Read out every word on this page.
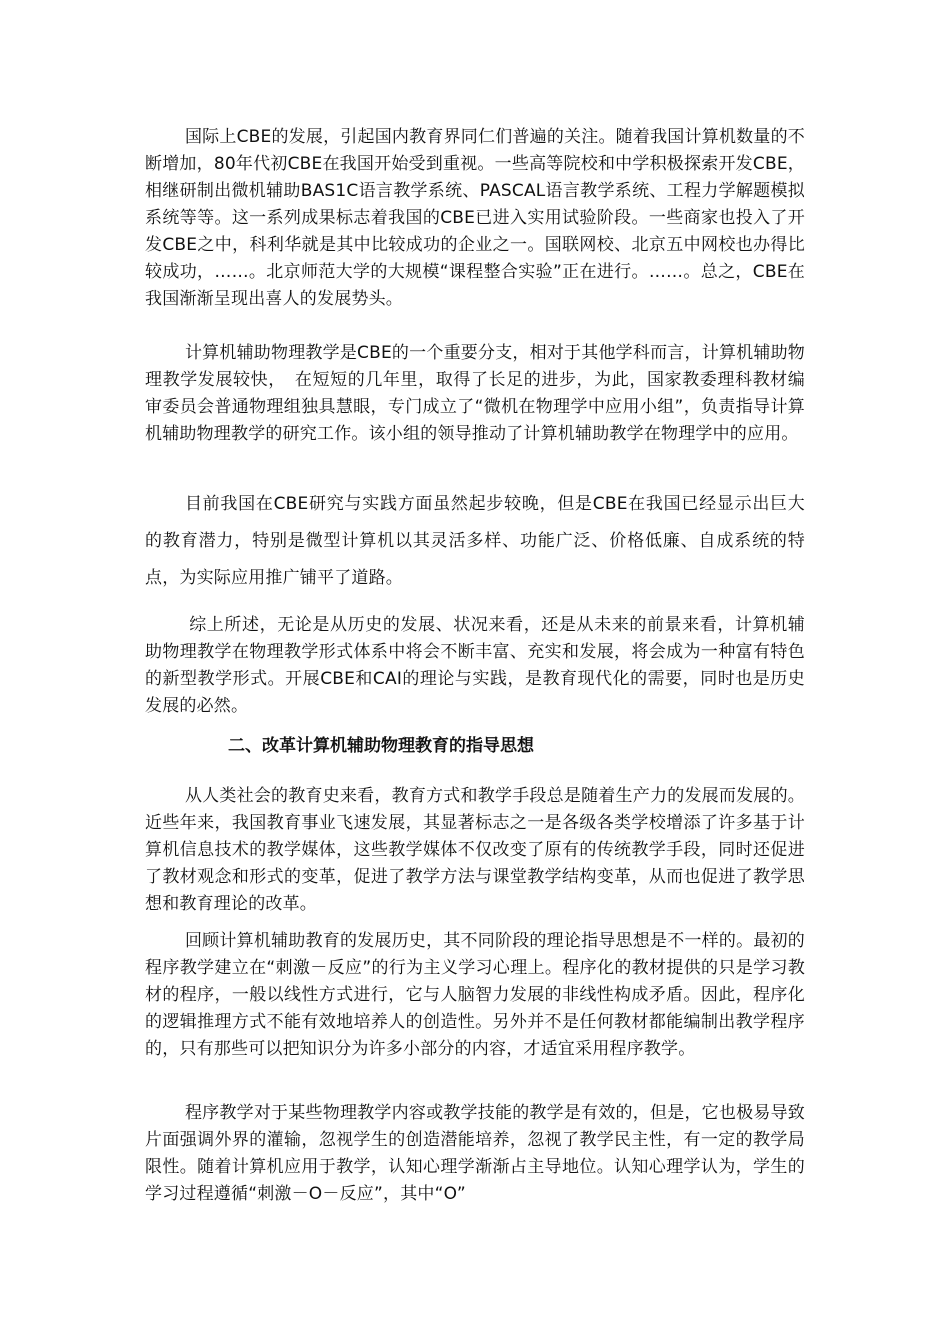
国际上CBE的发展，引起国内教育界同仁们普遍的关注。随着我国计算机数量的不断增加，80年代初CBE在我国开始受到重视。一些高等院校和中学积极探索开发CBE，相继研制出微机辅助BAS1C语言教学系统、PASCAL语言教学系统、工程力学解题模拟系统等等。这一系列成果标志着我国的CBE已进入实用试验阶段。一些商家也投入了开发CBE之中，科利华就是其中比较成功的企业之一。国联网校、北京五中网校也办得比较成功，……。北京师范大学的大规模“课程整合实验”正在进行。……。总之，CBE在我国渐渐呈现出喜人的发展势头。

计算机辅助物理教学是CBE的一个重要分支，相对于其他学科而言，计算机辅助物理教学发展较快，　在短短的几年里，取得了长足的进步，为此，国家教委理科教材编审委员会普通物理组独具慧眼，专门成立了“微机在物理学中应用小组”，负责指导计算机辅助物理教学的研究工作。该小组的领导推动了计算机辅助教学在物理学中的应用。

目前我国在CBE研究与实践方面虽然起步较晚，但是CBE在我国已经显示出巨大的教育潜力，特别是微型计算机以其灵活多样、功能广泛、价格低廉、自成系统的特点，为实际应用推广铺平了道路。

综上所述，无论是从历史的发展、状况来看，还是从未来的前景来看，计算机辅助物理教学在物理教学形式体系中将会不断丰富、充实和发展，将会成为一种富有特色的新型教学形式。开展CBE和CAI的理论与实践，是教育现代化的需要，同时也是历史发展的必然。

二、改革计算机辅助物理教育的指导思想

从人类社会的教育史来看，教育方式和教学手段总是随着生产力的发展而发展的。近些年来，我国教育事业飞速发展，其显著标志之一是各级各类学校增添了许多基于计算机信息技术的教学媒体，这些教学媒体不仅改变了原有的传统教学手段，同时还促进了教材观念和形式的变革，促进了教学方法与课堂教学结构变革，从而也促进了教学思想和教育理论的改革。

回顾计算机辅助教育的发展历史，其不同阶段的理论指导思想是不一样的。最初的程序教学建立在“刺激－反应”的行为主义学习心理上。程序化的教材提供的只是学习教材的程序，一般以线性方式进行，它与人脑智力发展的非线性构成矛盾。因此，程序化的逻辑推理方式不能有效地培养人的创造性。另外并不是任何教材都能编制出教学程序的，只有那些可以把知识分为许多小部分的内容，才适宜采用程序教学。

程序教学对于某些物理教学内容或教学技能的教学是有效的，但是，它也极易导致片面强调外界的灌输，忽视学生的创造潜能培养，忽视了教学民主性，有一定的教学局限性。随着计算机应用于教学，认知心理学渐渐占主导地位。认知心理学认为，学生的学习过程遵循“刺激－O－反应”，其中“O”
